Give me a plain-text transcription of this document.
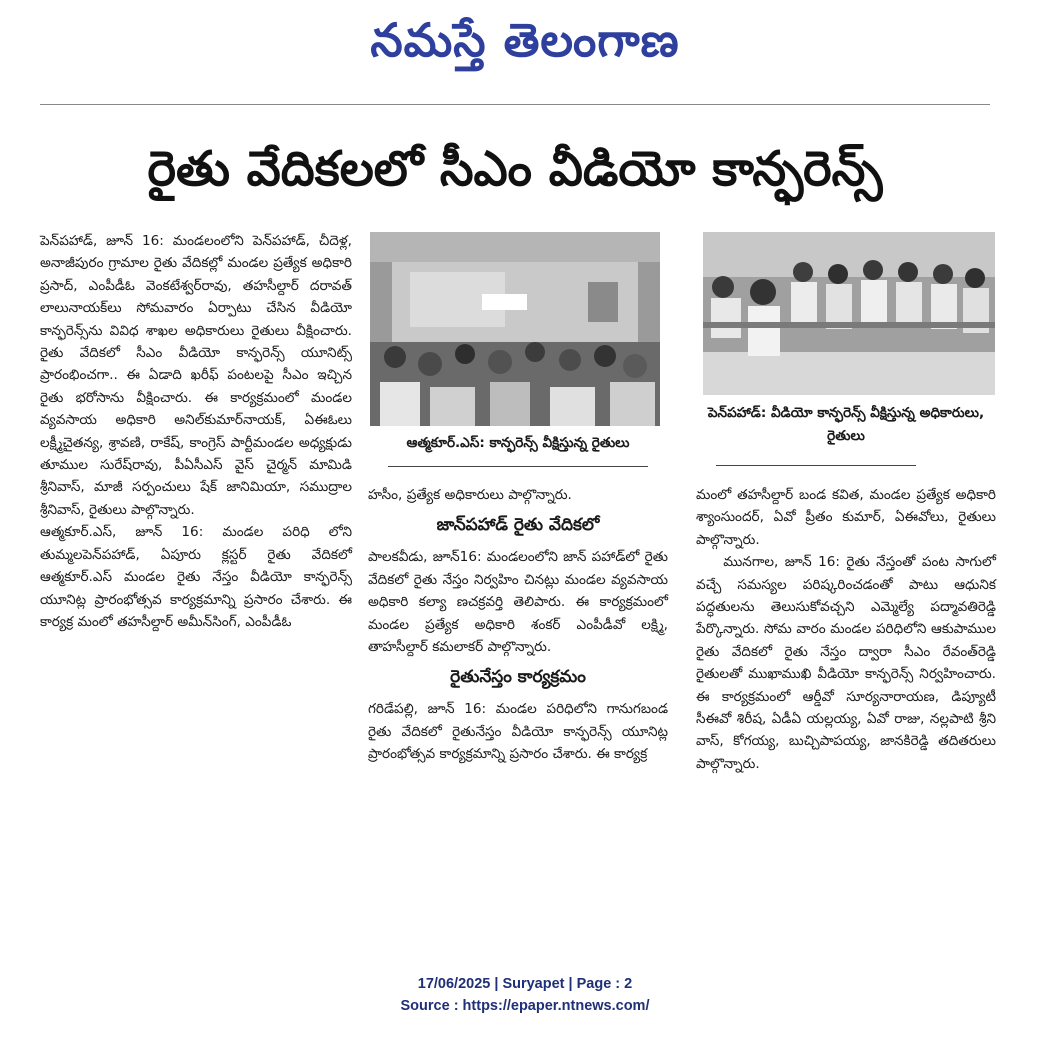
నమస్తే తెలంగాణ
రైతు వేదికలలో సీఎం వీడియో కాన్ఫరెన్స్

పెన్‌పహాడ్, జూన్ 16: మండలంలోని పెన్‌పహాడ్, చీదెళ్ల, అనాజీపురం గ్రామాల రైతు వేదికల్లో మండల ప్రత్యేక అధికారి ప్రసాద్, ఎంపీడీఓ వెంకటేశ్వర్‌రావు, తహసీల్దార్ దరావత్ లాలునాయక్‌లు సోమవారం ఏర్పాటు చేసిన వీడియో కాన్ఫరెన్స్‌ను వివిధ శాఖల అధికారులు రైతులు వీక్షించారు. రైతు వేదికలో సీఎం వీడియో కాన్ఫరెన్స్ యూనిట్స్ ప్రారంభించగా.. ఈ ఏడాది ఖరీఫ్ పంటలపై సీఎం ఇచ్చిన రైతు భరోసాను వీక్షించారు. ఈ కార్యక్రమంలో మండల వ్యవసాయ అధికారి అనిల్‌కుమార్‌నాయక్, ఏఈఓలు లక్ష్మీచైతన్య, శ్రావణి, రాకేష్, కాంగ్రెస్ పార్టీమండల అధ్యక్షుడు తూముల సురేష్‌రావు, పీఏసీఎస్ వైస్ చైర్మన్ మామిడి శ్రీనివాస్, మాజీ సర్పంచులు షేక్ జానిమియా, సముద్రాల శ్రీనివాస్, రైతులు పాల్గొన్నారు.

ఆత్మకూర్.ఎస్, జూన్ 16: మండల పరిధి లోని తుమ్మలపెన్‌పహాడ్, ఏపూరు క్లస్టర్ రైతు వేదికలో ఆత్మకూర్.ఎస్ మండల రైతు నేస్తం వీడియో కాన్ఫరెన్స్ యూనిట్ల ప్రారంభోత్సవ కార్యక్రమాన్ని ప్రసారం చేశారు. ఈ కార్యక్ర మంలో తహసీల్దార్ అమీన్‌సింగ్, ఎంపీడీఓ

ఆత్మకూర్.ఎస్: కాన్ఫరెన్స్ వీక్షిస్తున్న రైతులు
పెన్‌పహాడ్: వీడియో కాన్ఫరెన్స్ వీక్షిస్తున్న అధికారులు, రైతులు

హసీం, ప్రత్యేక అధికారులు పాల్గొన్నారు.

జాన్‌పహాడ్ రైతు వేదికలో

పాలకవీడు, జూన్16: మండలంలోని జాన్ పహాడ్‌లో రైతు వేదికలో రైతు నేస్తం నిర్వహిం చినట్లు మండల వ్యవసాయ అధికారి కల్యా ణచక్రవర్తి తెలిపారు. ఈ కార్యక్రమంలో మండల ప్రత్యేక అధికారి శంకర్ ఎంపీడీవో లక్ష్మి, తాహసీల్దార్ కమలాకర్ పాల్గొన్నారు.

రైతునేస్తం కార్యక్రమం

గరిడేపల్లి, జూన్ 16: మండల పరిధిలోని గానుగబండ రైతు వేదికలో రైతునేస్తం వీడియో కాన్ఫరెన్స్ యూనిట్ల ప్రారంభోత్సవ కార్యక్రమాన్ని ప్రసారం చేశారు. ఈ కార్యక్ర

మంలో తహసీల్దార్ బండ కవిత, మండల ప్రత్యేక అధికారి శ్యాంసుందర్, ఏవో ప్రీతం కుమార్, ఏఈవోలు, రైతులు పాల్గొన్నారు.

మునగాల, జూన్ 16: రైతు నేస్తంతో పంట సాగులో వచ్చే సమస్యల పరిష్కరించడంతో పాటు ఆధునిక పద్ధతులను తెలుసుకోవచ్చని ఎమ్మెల్యే పద్మావతిరెడ్డి పేర్కొన్నారు. సోమ వారం మండల పరిధిలోని ఆకుపాముల రైతు వేదికలో రైతు నేస్తం ద్వారా సీఎం రేవంత్‌రెడ్డి రైతులతో ముఖాముఖి వీడియో కాన్ఫరెన్స్ నిర్వహించారు. ఈ కార్యక్రమంలో ఆర్డీవో సూర్యనారాయణ, డిప్యూటీ సీఈవో శిరీష, ఏడీఏ యల్లయ్య, ఏవో రాజు, నల్లపాటి శ్రీని వాస్, కోగయ్య, బుచ్చిపాపయ్య, జానకిరెడ్డి తదితరులు పాల్గొన్నారు.

17/06/2025 | Suryapet | Page : 2
Source : https://epaper.ntnews.com/
